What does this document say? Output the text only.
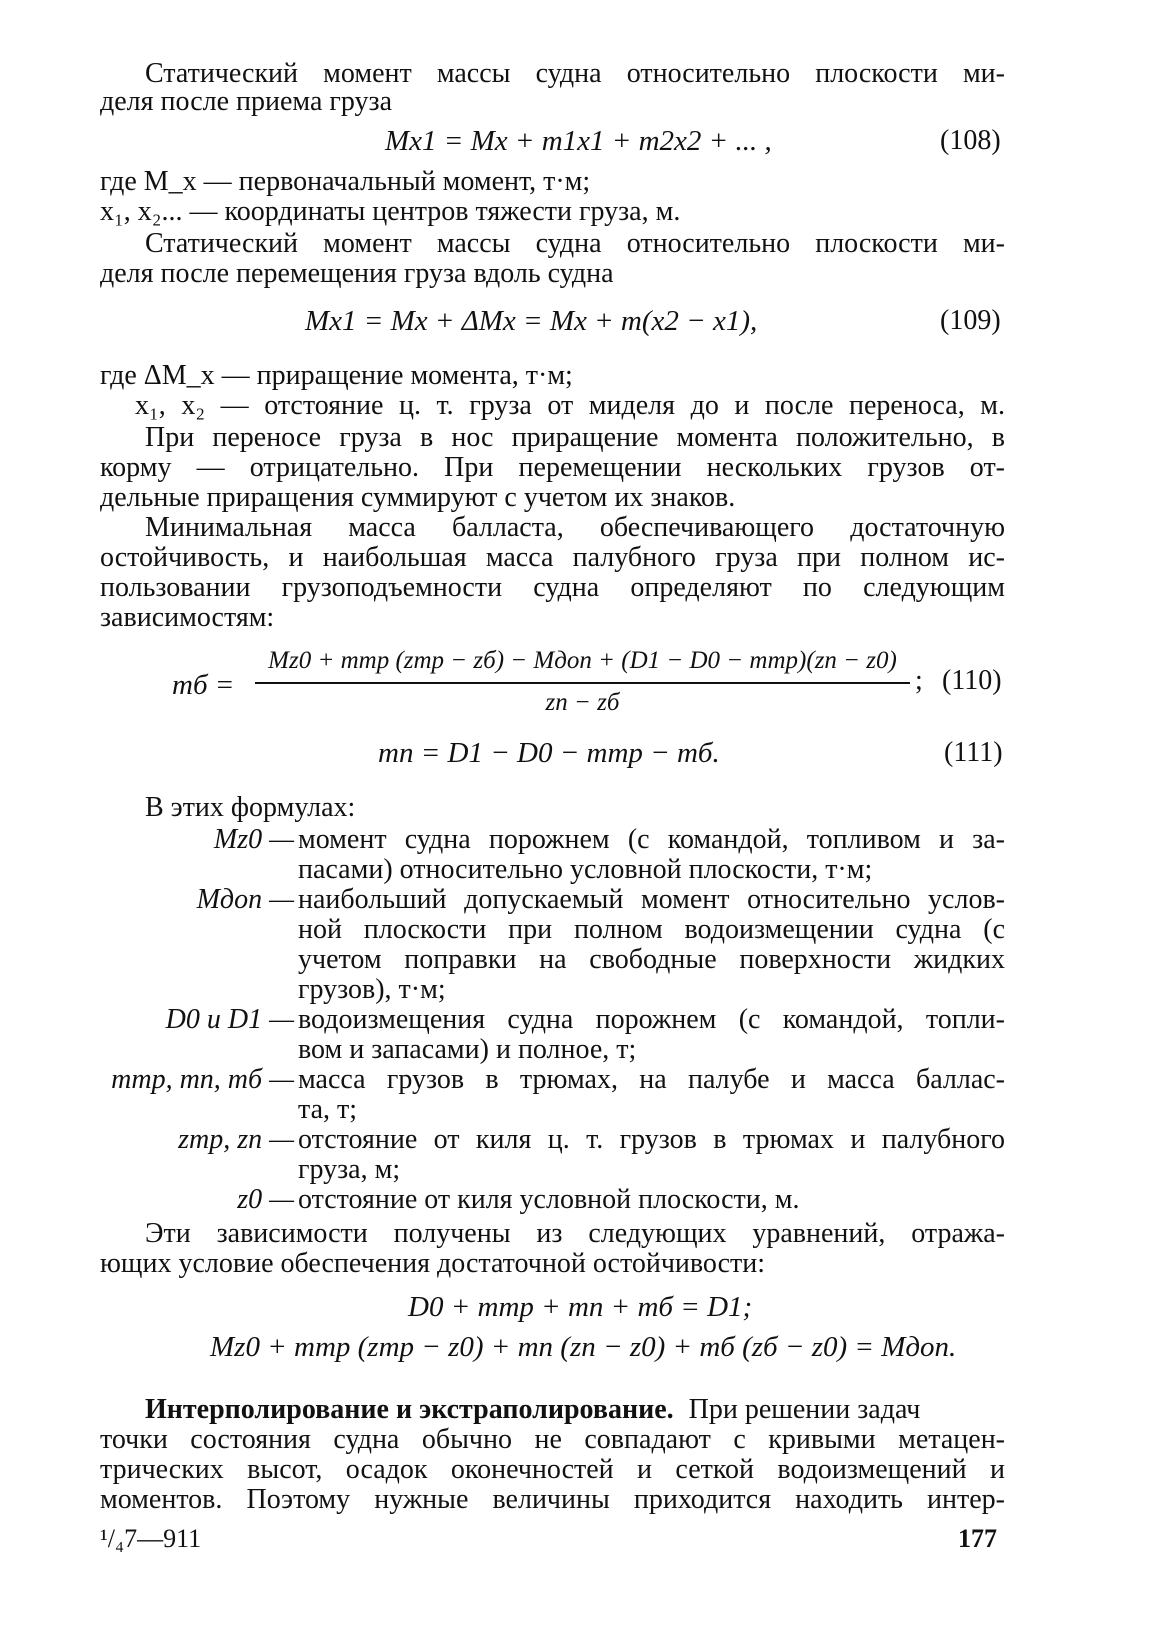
Статический момент массы судна относительно плоскости ми-
деля после приема груза
Mx1 = Mx + m1x1 + m2x2 + ... ,	(108)
где M_x — первоначальный момент, т·м;
x₁, x₂... — координаты центров тяжести груза, м.
Статический момент массы судна относительно плоскости ми-
деля после перемещения груза вдоль судна
Mx1 = Mx + ΔMx = Mx + m(x2 − x1),	(109)
где ΔM_x — приращение момента, т·м;
x₁, x₂ — отстояние ц. т. груза от миделя до и после переноса, м.
При переносе груза в нос приращение момента положительно, в
корму — отрицательно. При перемещении нескольких грузов от-
дельные приращения суммируют с учетом их знаков.
Минимальная масса балласта, обеспечивающего достаточную
остойчивость, и наибольшая масса палубного груза при полном ис-
пользовании грузоподъемности судна определяют по следующим
зависимостям:
mб =
Mz0 + mтр (zтр − zб) − Mдоп + (D1 − D0 − mтр)(zп − z0)
zп − zб
; (110)
mп = D1 − D0 − mтр − mб.	(111)
В этих формулах:
Mz0 — момент судна порожнем (с командой, топливом и за-
пасами) относительно условной плоскости, т·м;
Mдоп — наибольший допускаемый момент относительно услов-
ной плоскости при полном водоизмещении судна (с
учетом поправки на свободные поверхности жидких
грузов), т·м;
D0 и D1 — водоизмещения судна порожнем (с командой, топли-
вом и запасами) и полное, т;
mтр, mп, mб — масса грузов в трюмах, на палубе и масса баллас-
та, т;
zтр, zп — отстояние от киля ц. т. грузов в трюмах и палубного
груза, м;
z0 — отстояние от киля условной плоскости, м.
Эти зависимости получены из следующих уравнений, отража-
ющих условие обеспечения достаточной остойчивости:
D0 + mтр + mп + mб = D1;
Mz0 + mтр (zтр − z0) + mп (zп − z0) + mб (zб − z0) = Mдоп.
Интерполирование и экстраполирование. При решении задач
точки состояния судна обычно не совпадают с кривыми метацен-
трических высот, осадок оконечностей и сеткой водоизмещений и
моментов. Поэтому нужные величины приходится находить интер-
¹/₄7—911	177
